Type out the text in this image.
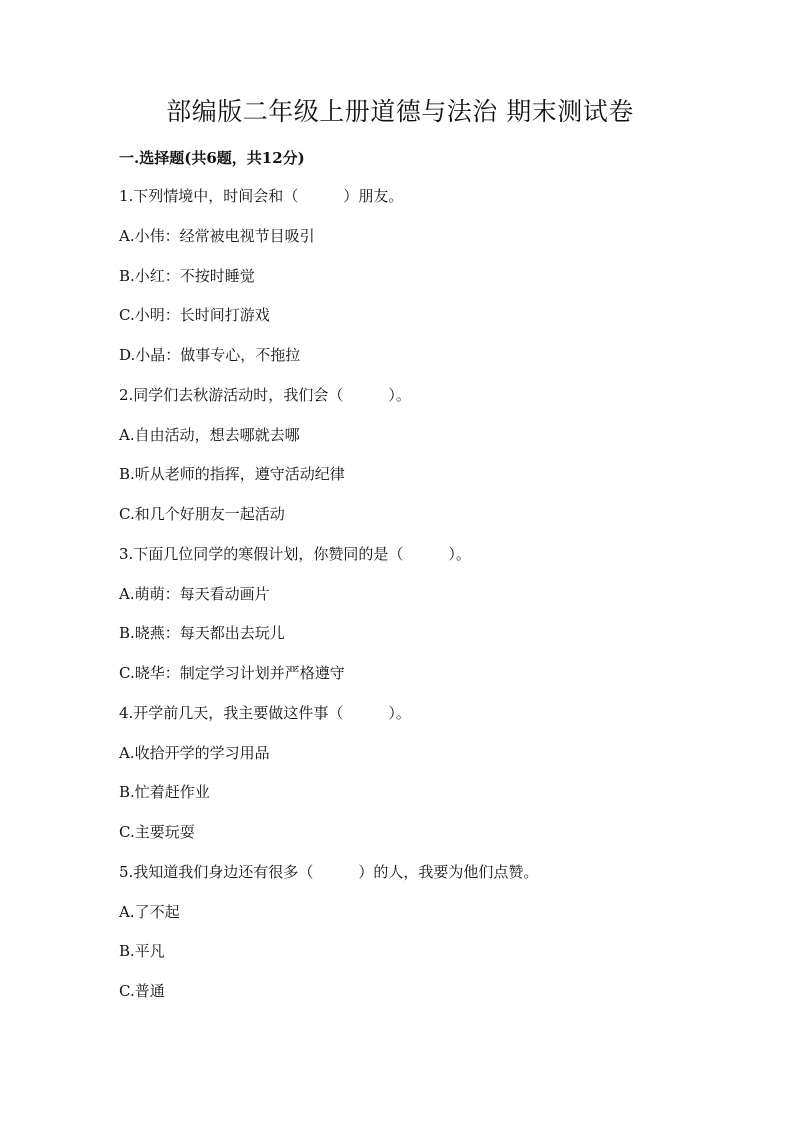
部编版二年级上册道德与法治 期末测试卷
一.选择题(共6题，共12分)
1.下列情境中，时间会和（　　　）朋友。
A.小伟：经常被电视节目吸引
B.小红：不按时睡觉
C.小明：长时间打游戏
D.小晶：做事专心，不拖拉
2.同学们去秋游活动时，我们会（　　　）。
A.自由活动，想去哪就去哪
B.听从老师的指挥，遵守活动纪律
C.和几个好朋友一起活动
3.下面几位同学的寒假计划，你赞同的是（　　　）。
A.萌萌：每天看动画片
B.晓燕：每天都出去玩儿
C.晓华：制定学习计划并严格遵守
4.开学前几天，我主要做这件事（　　　）。
A.收拾开学的学习用品
B.忙着赶作业
C.主要玩耍
5.我知道我们身边还有很多（　　　）的人，我要为他们点赞。
A.了不起
B.平凡
C.普通
